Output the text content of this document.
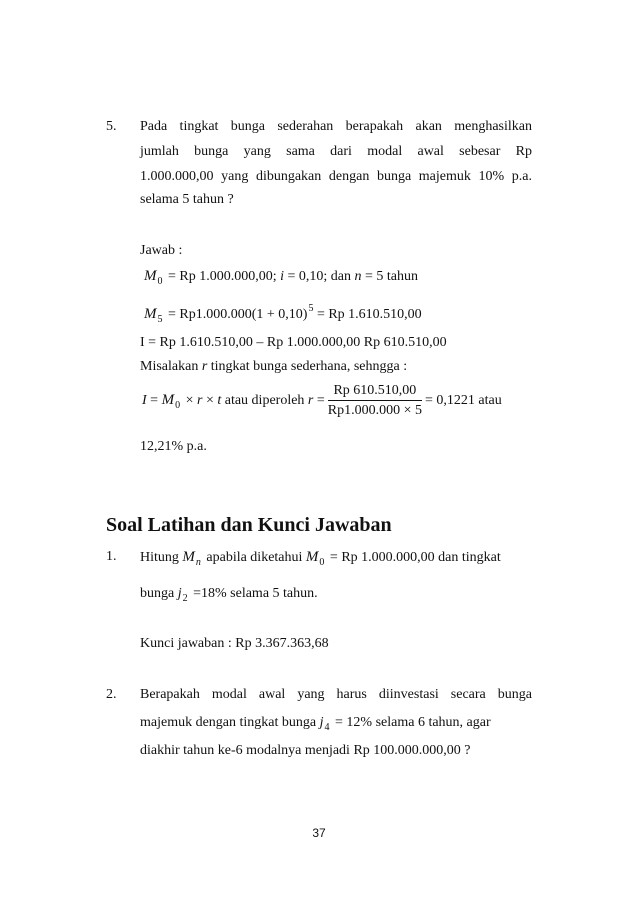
5. Pada tingkat bunga sederahan berapakah akan menghasilkan
jumlah bunga yang sama dari modal awal sebesar Rp
1.000.000,00 yang dibungakan dengan bunga majemuk 10% p.a.
selama 5 tahun ?
Jawab :
$M_0 = Rp$ 1.000.000,00; i = 0,10; dan n = 5 tahun
$M_5 = Rp1.000.000(1 + 0,10)^5 = Rp$ 1.610.510,00
I = Rp 1.610.510,00 – Rp 1.000.000,00 Rp 610.510,00
Misalakan r tingkat bunga sederhana, sehngga :
$I = M_0 \times r \times t$ atau diperoleh $r = \frac{Rp 610.510,00}{Rp1.000.000 \times 5} = 0,1221$ atau
12,21% p.a.
Soal Latihan dan Kunci Jawaban
1. Hitung $M_n$ apabila diketahui $M_0 = Rp$ 1.000.000,00 dan tingkat
bunga $j_2 =18\%$ selama 5 tahun.
Kunci jawaban : Rp 3.367.363,68
2. Berapakah modal awal yang harus diinvestasi secara bunga
majemuk dengan tingkat bunga $j_4 = 12\%$ selama 6 tahun, agar
diakhir tahun ke-6 modalnya menjadi Rp 100.000.000,00 ?
37
